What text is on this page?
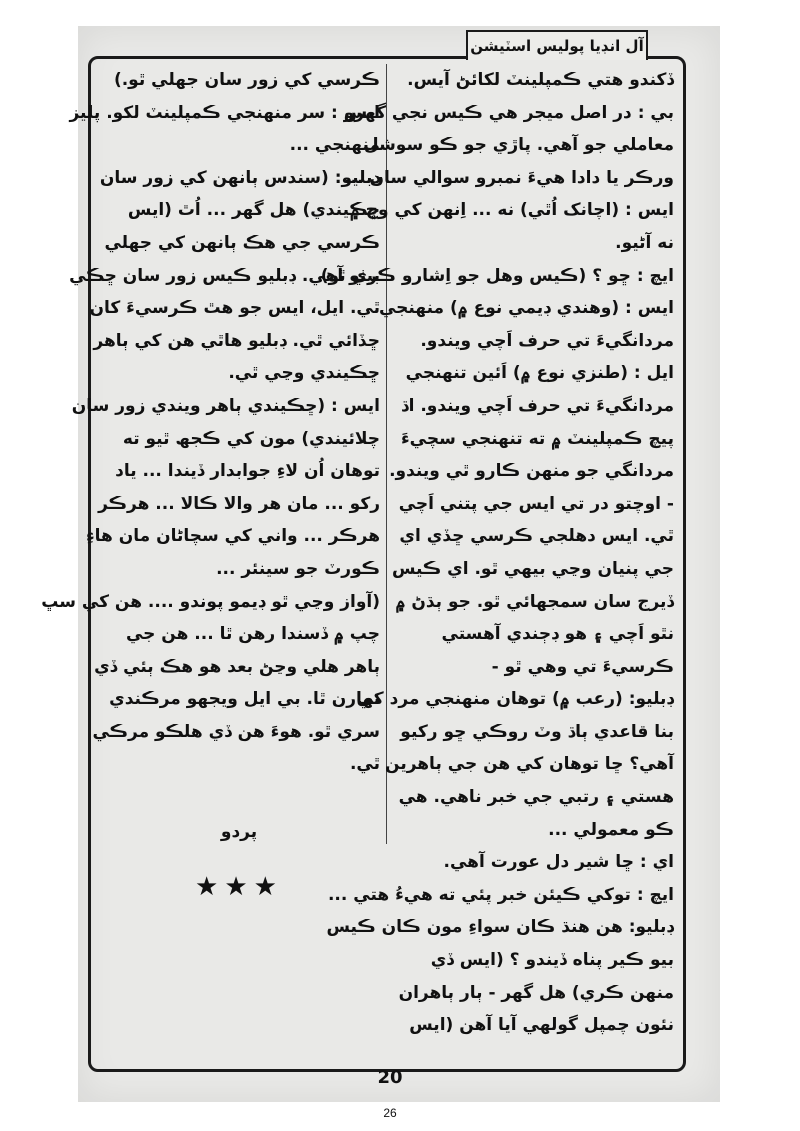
آل انڊيا پوليس اسٽيشن
ڏکندو هتي ڪمپلينٽ لکائڻ آيس.
بي : در اصل ميجر هي ڪيس نجي گهرو
معاملي جو آهي. پاڙي جو ڪو سوشل
ورڪر يا دادا هيءَ نمبرو سوالي سان ...
ايس : (اچانک اُٿي) نه ... اِنهن کي وچ ۾
نه آڻيو.
ايچ : ڇو ؟ (ڪيس وهل جو اِشارو ڪري ٿو)
ايس : (وهندي ڊيمي نوع ۾) منهنجي
مردانگيءَ تي حرف اَچي ويندو.
ايل : (طنزي نوع ۾) اَئين تنهنجي
مردانگيءَ تي حرف اَچي ويندو. اڌ
پيچ ڪمپلينٽ ۾ ته تنهنجي سچيءَ
مردانگي جو منهن ڪارو ٿي ويندو.
- اوچتو در تي ايس جي پتني اَچي
ٿي. ايس دهلجي ڪرسي ڇڏي اي
جي پنيان وڃي بيهي ٿو. اي ڪيس
ڏيرج سان سمجهائي ٿو. جو ٻڌڻ ۾
نٿو اَچي ۽ هو ڊڄندي آهستي
ڪرسيءَ تي وهي ٿو -
ڊبليو: (رعب ۾) توهان منهنجي مرد کي
بنا قاعدي ٻاڌ وٽ روڪي ڇو رکيو
آهي؟ ڇا توهان کي هن جي ٻاهرين
هستي ۽ رتبي جي خبر ناهي. هي
ڪو معمولي ...
اي : ڇا شير دل عورت آهي.
ايچ : توکي ڪيئن خبر پئي ته هيءُ هتي ...
ڊبليو: هن هنڌ ڪان سواءِ مون ڪان ڪيس
بيو ڪير پناه ڏيندو ؟ (ايس ڏي
منهن ڪري) هل گهر - ٻار ٻاهران
نئون چمپل گولهي آيا آهن (ايس
ڪرسي کي زور سان جهلي ٿو.)
ايس : سر منهنجي ڪمپلينٽ لکو. پليز
منهنجي ...
ڊبليو: (سندس ٻانهن کي زور سان
ڇڪيندي) هل گهر ... اُٿ (ايس
ڪرسي جي هڪ ٻانهن کي جهلي
بيٺو آهي. ڊبليو ڪيس زور سان ڇڪي
ٿي. ايل، ايس جو هٿ ڪرسيءَ کان
ڇڏائي ٿي. ڊبليو هاٿي هن کي ٻاهر
ڇڪيندي وڃي ٿي.
ايس : (ڇڪيندي ٻاهر ويندي زور سان
چلائيندي) مون کي ڪجھ ٿيو ته
توهان اُن لاءِ جوابدار ڏيندا ... ياد
رکو ... مان هر والا ڪالا ... هرڪر
هرڪر ... واني کي سچاڻان مان هاءِ
ڪورٽ جو سينئر ...
(آواز وڃي ٿو ڊيمو پوندو .... هن کي سڀ
چپ ۾ ڏسندا رهن ٿا ... هن جي
ٻاهر هلي وڃڻ بعد هو هڪ ٻئي ڏي
نهارن ٿا. بي ايل ويجهو مرڪندي
سري ٿو. هوءَ هن ڏي هلڪو مرڪي
ٿي.
پردو
★★★
20
26
